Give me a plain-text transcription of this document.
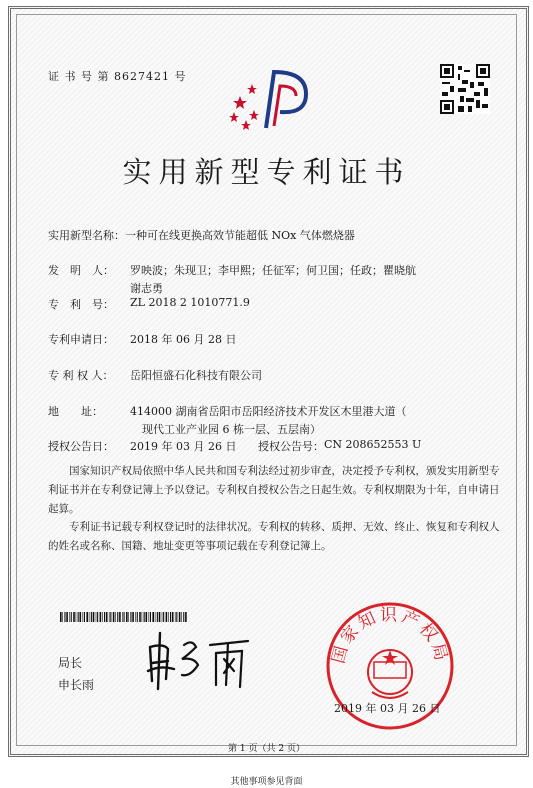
证 书 号 第 8627421 号
实用新型专利证书
实用新型名称：一种可在线更换高效节能超低 NOx 气体燃烧器
发　明　人： 罗映波；朱现卫；李甲熙；任征军；何卫国；任政；瞿晓航
谢志勇
专　利　号： ZL 2018 2 1010771.9
专利申请日： 2018 年 06 月 28 日
专 利 权 人： 岳阳恒盛石化科技有限公司
地　　址： 414000 湖南省岳阳市岳阳经济技术开发区木里港大道（
现代工业产业园 6 栋一层、五层南）
授权公告日： 2019 年 03 月 26 日 授权公告号： CN 208652553 U
国家知识产权局依照中华人民共和国专利法经过初步审查，决定授予专利权，颁发实用新型专利证书并在专利登记簿上予以登记。专利权自授权公告之日起生效。专利权期限为十年，自申请日起算。
专利证书记载专利权登记时的法律状况。专利权的转移、质押、无效、终止、恢复和专利权人的姓名或名称、国籍、地址变更等事项记载在专利登记簿上。
局长
申长雨
国家知识产权局
2019 年 03 月 26 日
第 1 页（共 2 页）
其他事项参见背面
